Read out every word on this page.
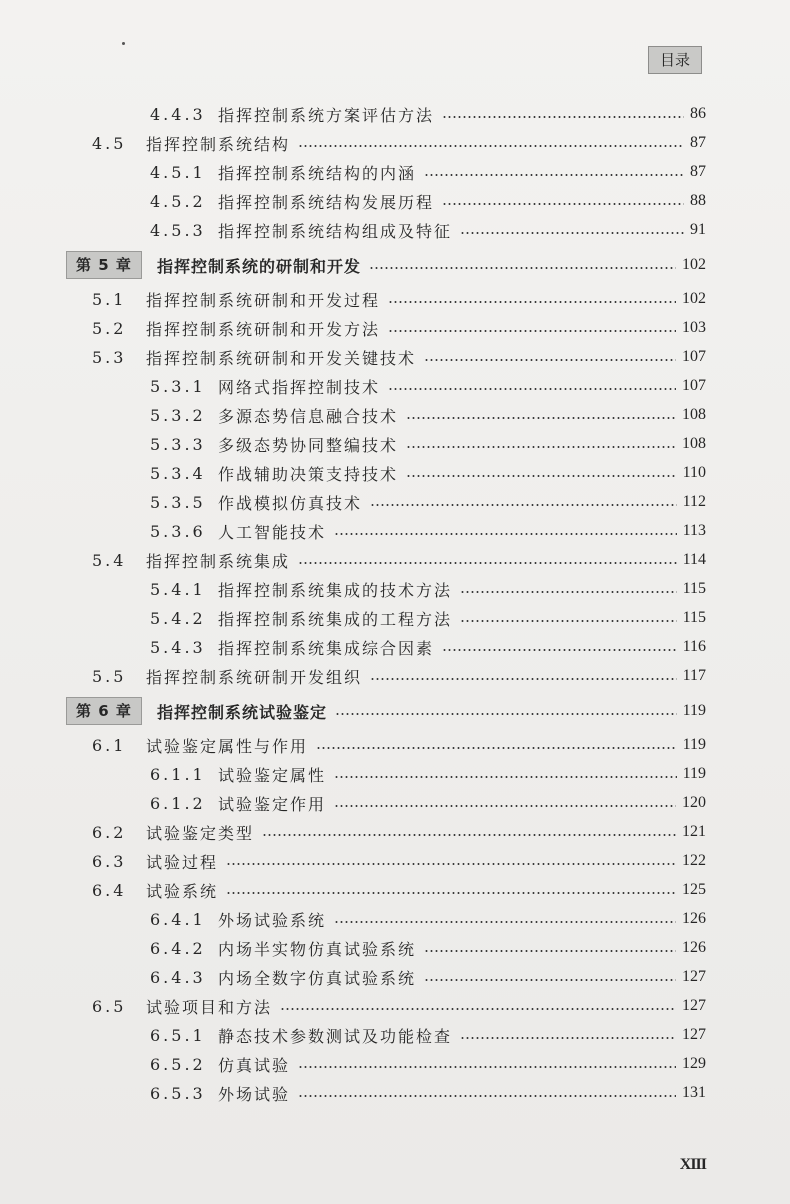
目录
4.4.3 指挥控制系统方案评估方法	86
4.5 指挥控制系统结构	87
4.5.1 指挥控制系统结构的内涵	87
4.5.2 指挥控制系统结构发展历程	88
4.5.3 指挥控制系统结构组成及特征	91
第 5 章	指挥控制系统的研制和开发	102
5.1 指挥控制系统研制和开发过程	102
5.2 指挥控制系统研制和开发方法	103
5.3 指挥控制系统研制和开发关键技术	107
5.3.1 网络式指挥控制技术	107
5.3.2 多源态势信息融合技术	108
5.3.3 多级态势协同整编技术	108
5.3.4 作战辅助决策支持技术	110
5.3.5 作战模拟仿真技术	112
5.3.6 人工智能技术	113
5.4 指挥控制系统集成	114
5.4.1 指挥控制系统集成的技术方法	115
5.4.2 指挥控制系统集成的工程方法	115
5.4.3 指挥控制系统集成综合因素	116
5.5 指挥控制系统研制开发组织	117
第 6 章	指挥控制系统试验鉴定	119
6.1 试验鉴定属性与作用	119
6.1.1 试验鉴定属性	119
6.1.2 试验鉴定作用	120
6.2 试验鉴定类型	121
6.3 试验过程	122
6.4 试验系统	125
6.4.1 外场试验系统	126
6.4.2 内场半实物仿真试验系统	126
6.4.3 内场全数字仿真试验系统	127
6.5 试验项目和方法	127
6.5.1 静态技术参数测试及功能检查	127
6.5.2 仿真试验	129
6.5.3 外场试验	131
XIII
